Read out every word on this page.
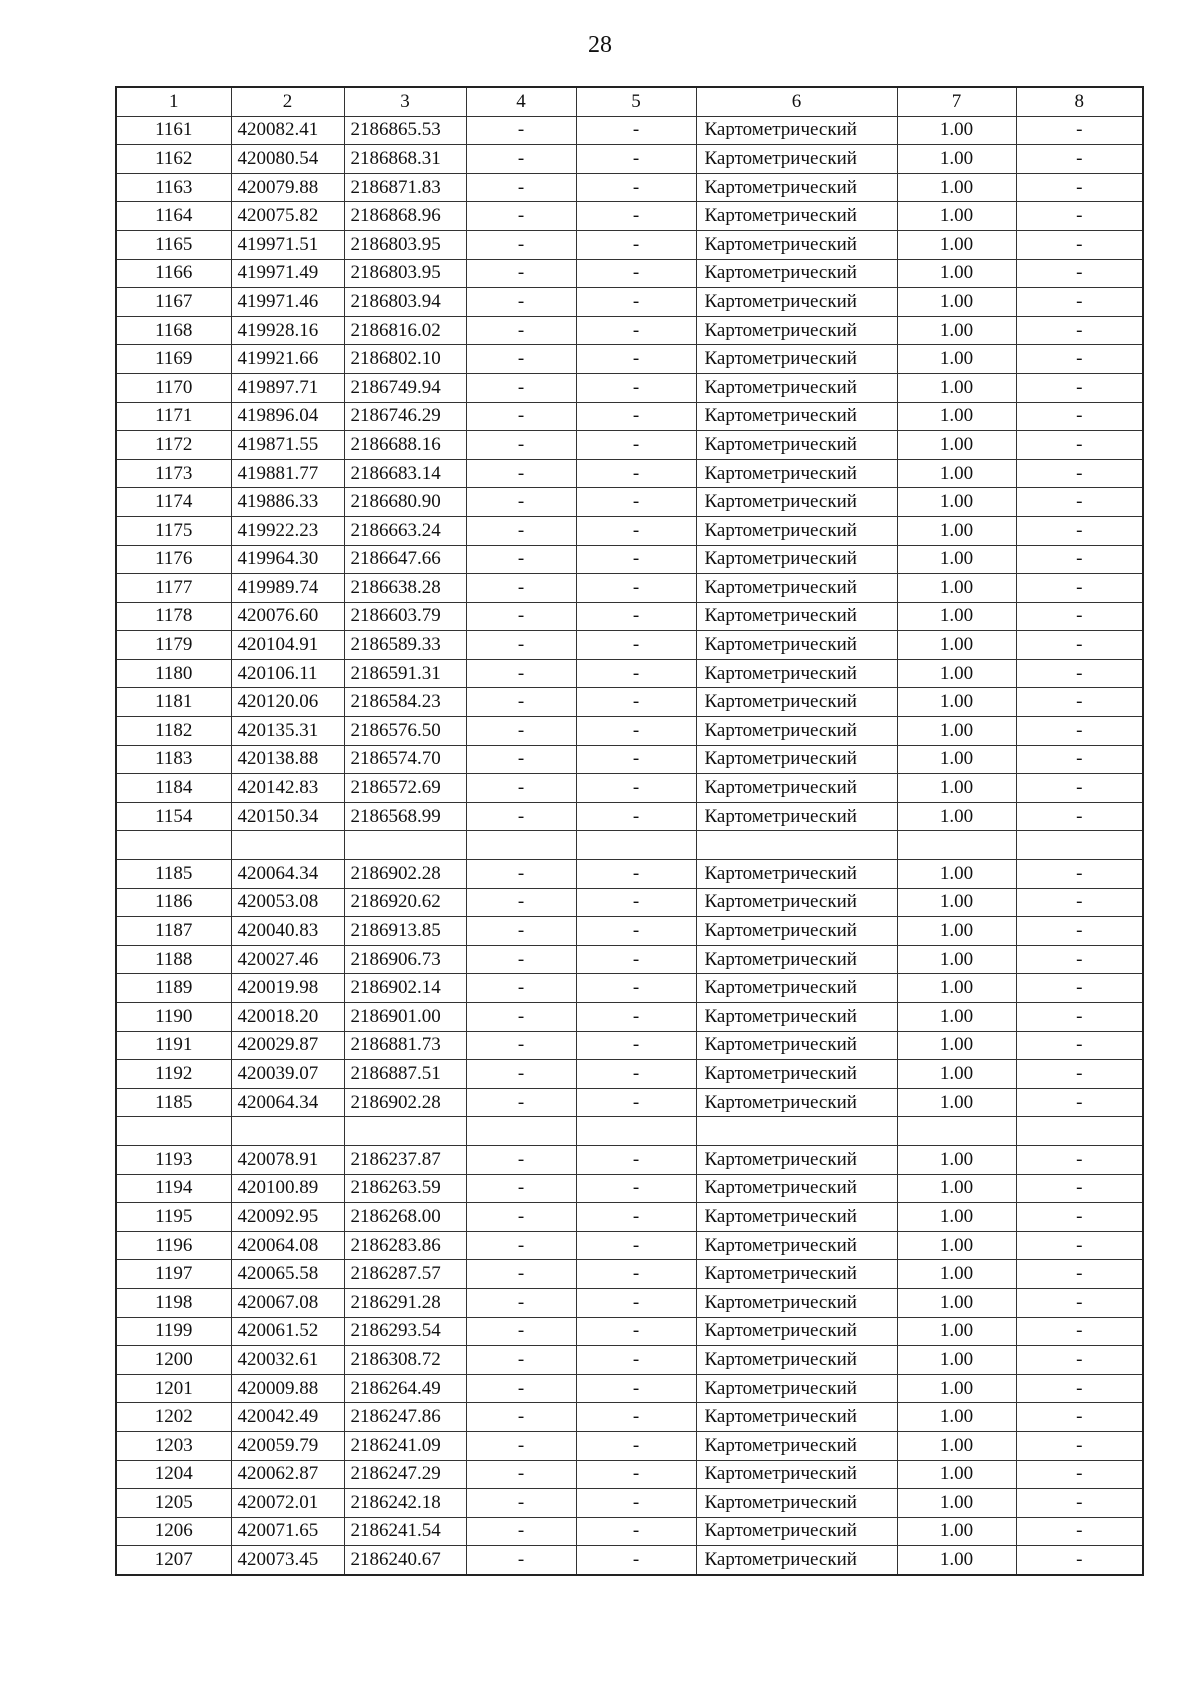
28
1	2	3	4	5	6	7	8
1161	420082.41	2186865.53	-	-	Картометрический	1.00	-
1162	420080.54	2186868.31	-	-	Картометрический	1.00	-
1163	420079.88	2186871.83	-	-	Картометрический	1.00	-
1164	420075.82	2186868.96	-	-	Картометрический	1.00	-
1165	419971.51	2186803.95	-	-	Картометрический	1.00	-
1166	419971.49	2186803.95	-	-	Картометрический	1.00	-
1167	419971.46	2186803.94	-	-	Картометрический	1.00	-
1168	419928.16	2186816.02	-	-	Картометрический	1.00	-
1169	419921.66	2186802.10	-	-	Картометрический	1.00	-
1170	419897.71	2186749.94	-	-	Картометрический	1.00	-
1171	419896.04	2186746.29	-	-	Картометрический	1.00	-
1172	419871.55	2186688.16	-	-	Картометрический	1.00	-
1173	419881.77	2186683.14	-	-	Картометрический	1.00	-
1174	419886.33	2186680.90	-	-	Картометрический	1.00	-
1175	419922.23	2186663.24	-	-	Картометрический	1.00	-
1176	419964.30	2186647.66	-	-	Картометрический	1.00	-
1177	419989.74	2186638.28	-	-	Картометрический	1.00	-
1178	420076.60	2186603.79	-	-	Картометрический	1.00	-
1179	420104.91	2186589.33	-	-	Картометрический	1.00	-
1180	420106.11	2186591.31	-	-	Картометрический	1.00	-
1181	420120.06	2186584.23	-	-	Картометрический	1.00	-
1182	420135.31	2186576.50	-	-	Картометрический	1.00	-
1183	420138.88	2186574.70	-	-	Картометрический	1.00	-
1184	420142.83	2186572.69	-	-	Картометрический	1.00	-
1154	420150.34	2186568.99	-	-	Картометрический	1.00	-

1185	420064.34	2186902.28	-	-	Картометрический	1.00	-
1186	420053.08	2186920.62	-	-	Картометрический	1.00	-
1187	420040.83	2186913.85	-	-	Картометрический	1.00	-
1188	420027.46	2186906.73	-	-	Картометрический	1.00	-
1189	420019.98	2186902.14	-	-	Картометрический	1.00	-
1190	420018.20	2186901.00	-	-	Картометрический	1.00	-
1191	420029.87	2186881.73	-	-	Картометрический	1.00	-
1192	420039.07	2186887.51	-	-	Картометрический	1.00	-
1185	420064.34	2186902.28	-	-	Картометрический	1.00	-

1193	420078.91	2186237.87	-	-	Картометрический	1.00	-
1194	420100.89	2186263.59	-	-	Картометрический	1.00	-
1195	420092.95	2186268.00	-	-	Картометрический	1.00	-
1196	420064.08	2186283.86	-	-	Картометрический	1.00	-
1197	420065.58	2186287.57	-	-	Картометрический	1.00	-
1198	420067.08	2186291.28	-	-	Картометрический	1.00	-
1199	420061.52	2186293.54	-	-	Картометрический	1.00	-
1200	420032.61	2186308.72	-	-	Картометрический	1.00	-
1201	420009.88	2186264.49	-	-	Картометрический	1.00	-
1202	420042.49	2186247.86	-	-	Картометрический	1.00	-
1203	420059.79	2186241.09	-	-	Картометрический	1.00	-
1204	420062.87	2186247.29	-	-	Картометрический	1.00	-
1205	420072.01	2186242.18	-	-	Картометрический	1.00	-
1206	420071.65	2186241.54	-	-	Картометрический	1.00	-
1207	420073.45	2186240.67	-	-	Картометрический	1.00	-
